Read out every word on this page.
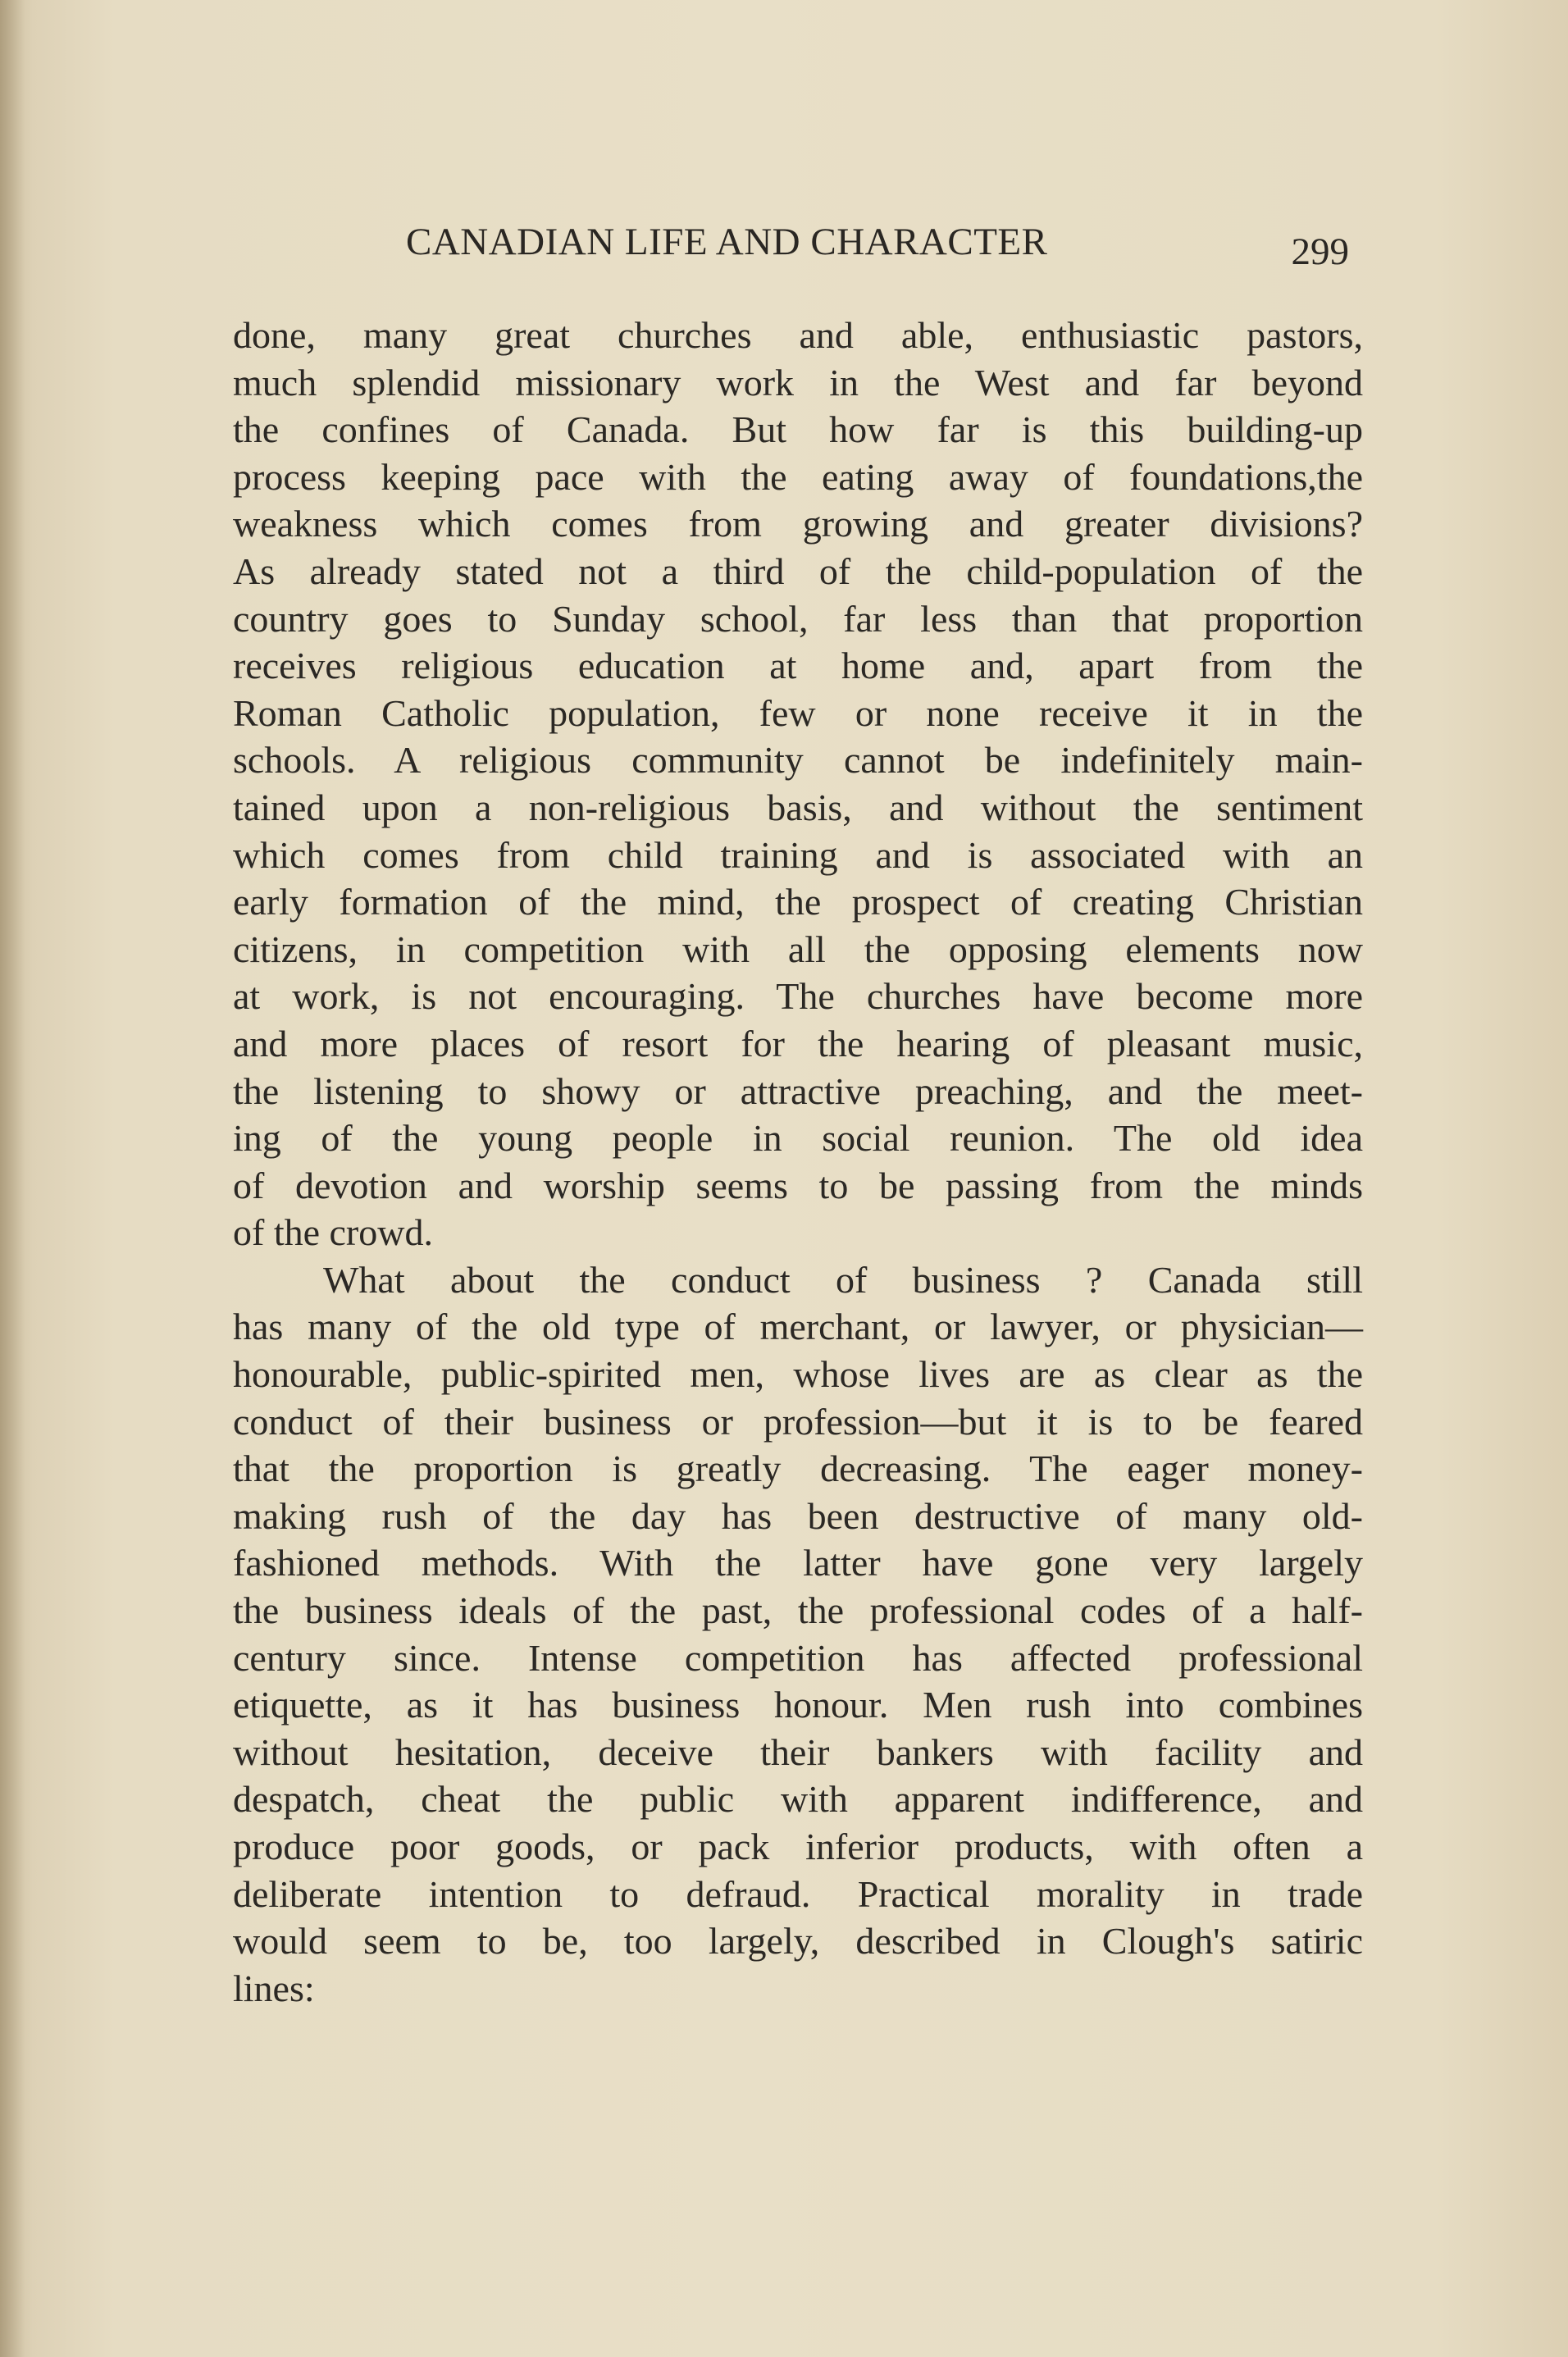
CANADIAN LIFE AND CHARACTER	299
done, many great churches and able, enthusiastic pastors,
much splendid missionary work in the West and far beyond
the confines of Canada. But how far is this building-up
process keeping pace with the eating away of foundations,the
weakness which comes from growing and greater divisions?
As already stated not a third of the child-population of the
country goes to Sunday school, far less than that proportion
receives religious education at home and, apart from the
Roman Catholic population, few or none receive it in the
schools. A religious community cannot be indefinitely main-
tained upon a non-religious basis, and without the sentiment
which comes from child training and is associated with an
early formation of the mind, the prospect of creating Christian
citizens, in competition with all the opposing elements now
at work, is not encouraging. The churches have become more
and more places of resort for the hearing of pleasant music,
the listening to showy or attractive preaching, and the meet-
ing of the young people in social reunion. The old idea
of devotion and worship seems to be passing from the minds
of the crowd.
What about the conduct of business ? Canada still
has many of the old type of merchant, or lawyer, or physician—
honourable, public-spirited men, whose lives are as clear as the
conduct of their business or profession—but it is to be feared
that the proportion is greatly decreasing. The eager money-
making rush of the day has been destructive of many old-
fashioned methods. With the latter have gone very largely
the business ideals of the past, the professional codes of a half-
century since. Intense competition has affected professional
etiquette, as it has business honour. Men rush into combines
without hesitation, deceive their bankers with facility and
despatch, cheat the public with apparent indifference, and
produce poor goods, or pack inferior products, with often a
deliberate intention to defraud. Practical morality in trade
would seem to be, too largely, described in Clough's satiric
lines:
